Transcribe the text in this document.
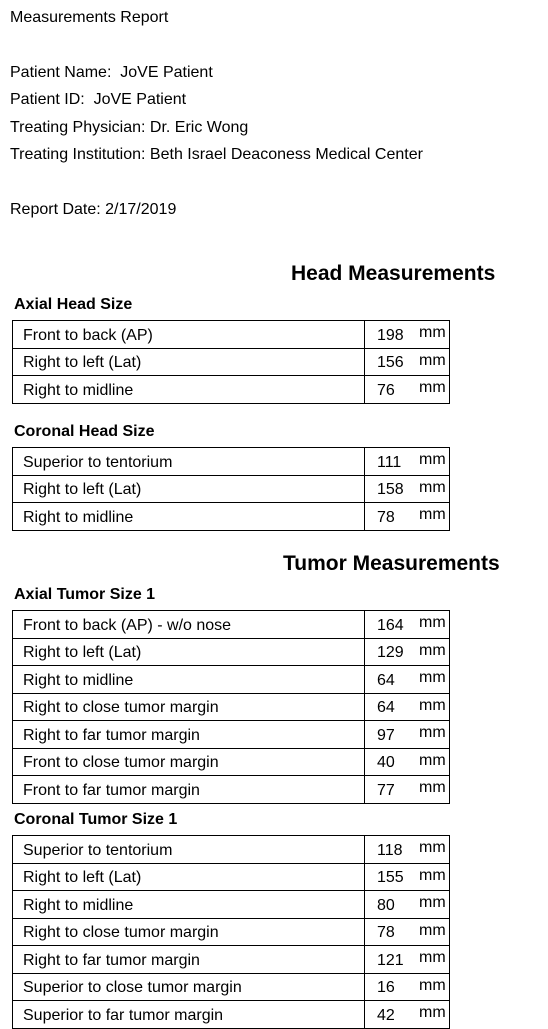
Measurements Report
Patient Name:  JoVE Patient
Patient ID:  JoVE Patient
Treating Physician: Dr. Eric Wong
Treating Institution: Beth Israel Deaconess Medical Center
Report Date: 2/17/2019
Head Measurements
Axial Head Size
Front to back (AP)	198 mm

Right to left (Lat)	156 mm

Right to midline	76 mm
Coronal Head Size
Superior to tentorium	111 mm

Right to left (Lat)	158 mm

Right to midline	78 mm
Tumor Measurements
Axial Tumor Size 1
Front to back (AP) - w/o nose	164 mm

Right to left (Lat)	129 mm

Right to midline	64 mm

Right to close tumor margin	64 mm

Right to far tumor margin	97 mm

Front to close tumor margin	40 mm

Front to far tumor margin	77 mm
Coronal Tumor Size 1
Superior to tentorium	118 mm

Right to left (Lat)	155 mm

Right to midline	80 mm

Right to close tumor margin	78 mm

Right to far tumor margin	121 mm

Superior to close tumor margin	16 mm

Superior to far tumor margin	42 mm
